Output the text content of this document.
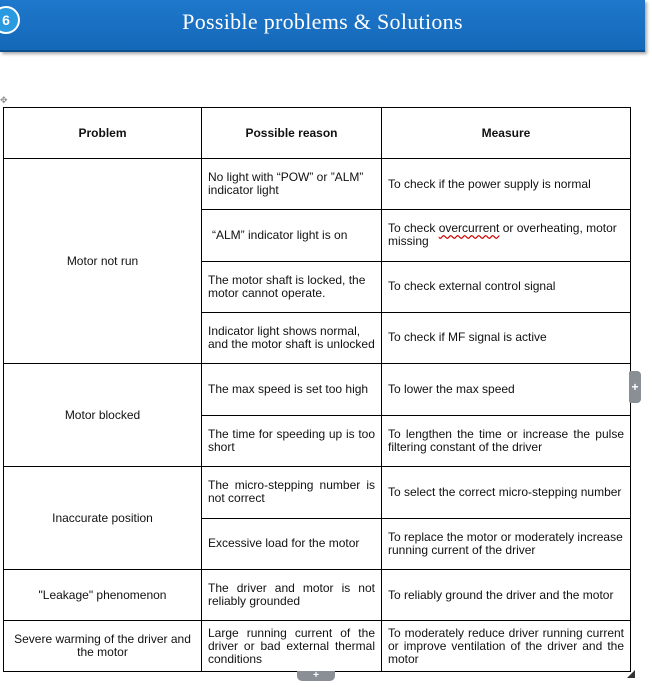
6	Possible problems & Solutions
✥
Problem	Possible reason	Measure
Motor not run	No light with “POW” or ”ALM” indicator light	To check if the power supply is normal
	“ALM” indicator light is on	To check overcurrent or overheating, motor missing
	The motor shaft is locked, the motor cannot operate.	To check external control signal
	Indicator light shows normal, and the motor shaft is unlocked	To check if MF signal is active
Motor blocked	The max speed is set too high	To lower the max speed
	The time for speeding up is too short	To lengthen the time or increase the pulse filtering constant of the driver
Inaccurate position	The micro-stepping number is not correct	To select the correct micro-stepping number
	Excessive load for the motor	To replace the motor or moderately increase running current of the driver
"Leakage" phenomenon	The driver and motor is not reliably grounded	To reliably ground the driver and the motor
Severe warming of the driver and the motor	Large running current of the driver or bad external thermal conditions	To moderately reduce driver running current or improve ventilation of the driver and the motor
+
+
